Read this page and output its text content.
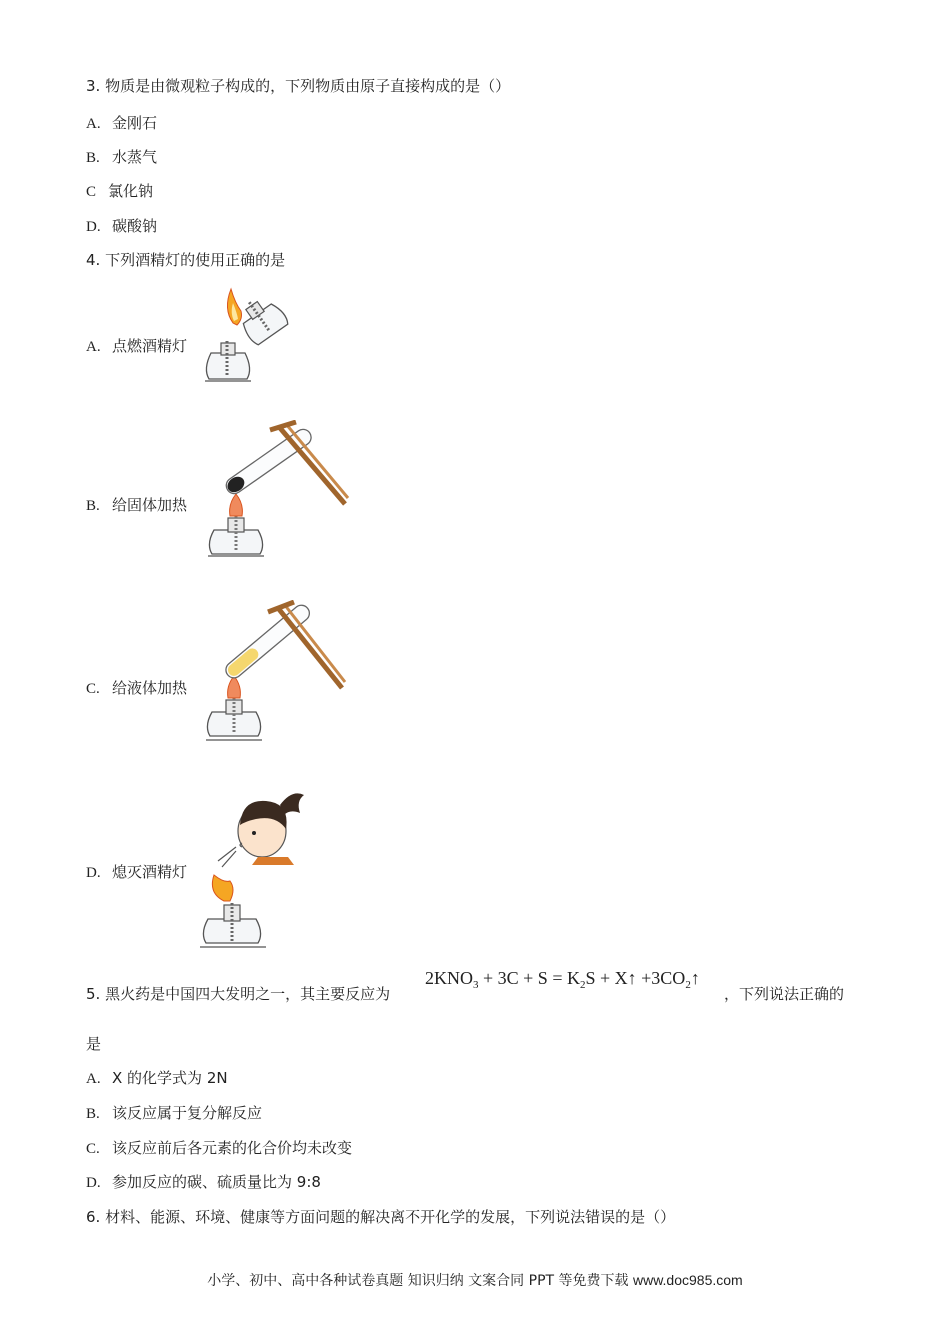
3. 物质是由微观粒子构成的，下列物质由原子直接构成的是（）
A. 金刚石
B. 水蒸气
C 氯化钠
D. 碳酸钠
4. 下列酒精灯的使用正确的是
A. 点燃酒精灯
B. 给固体加热
C. 给液体加热
D. 熄灭酒精灯
5. 黑火药是中国四大发明之一，其主要反应为
$2KNO_3 + 3C + S = K_2S$ + X↑ $+3CO_2↑$
，下列说法正确的
是
A. X 的化学式为 2N
B. 该反应属于复分解反应
C. 该反应前后各元素的化合价均未改变
D. 参加反应的碳、硫质量比为 9:8
6. 材料、能源、环境、健康等方面问题的解决离不开化学的发展，下列说法错误的是（）
小学、初中、高中各种试卷真题 知识归纳 文案合同 PPT 等免费下载 www.doc985.com
